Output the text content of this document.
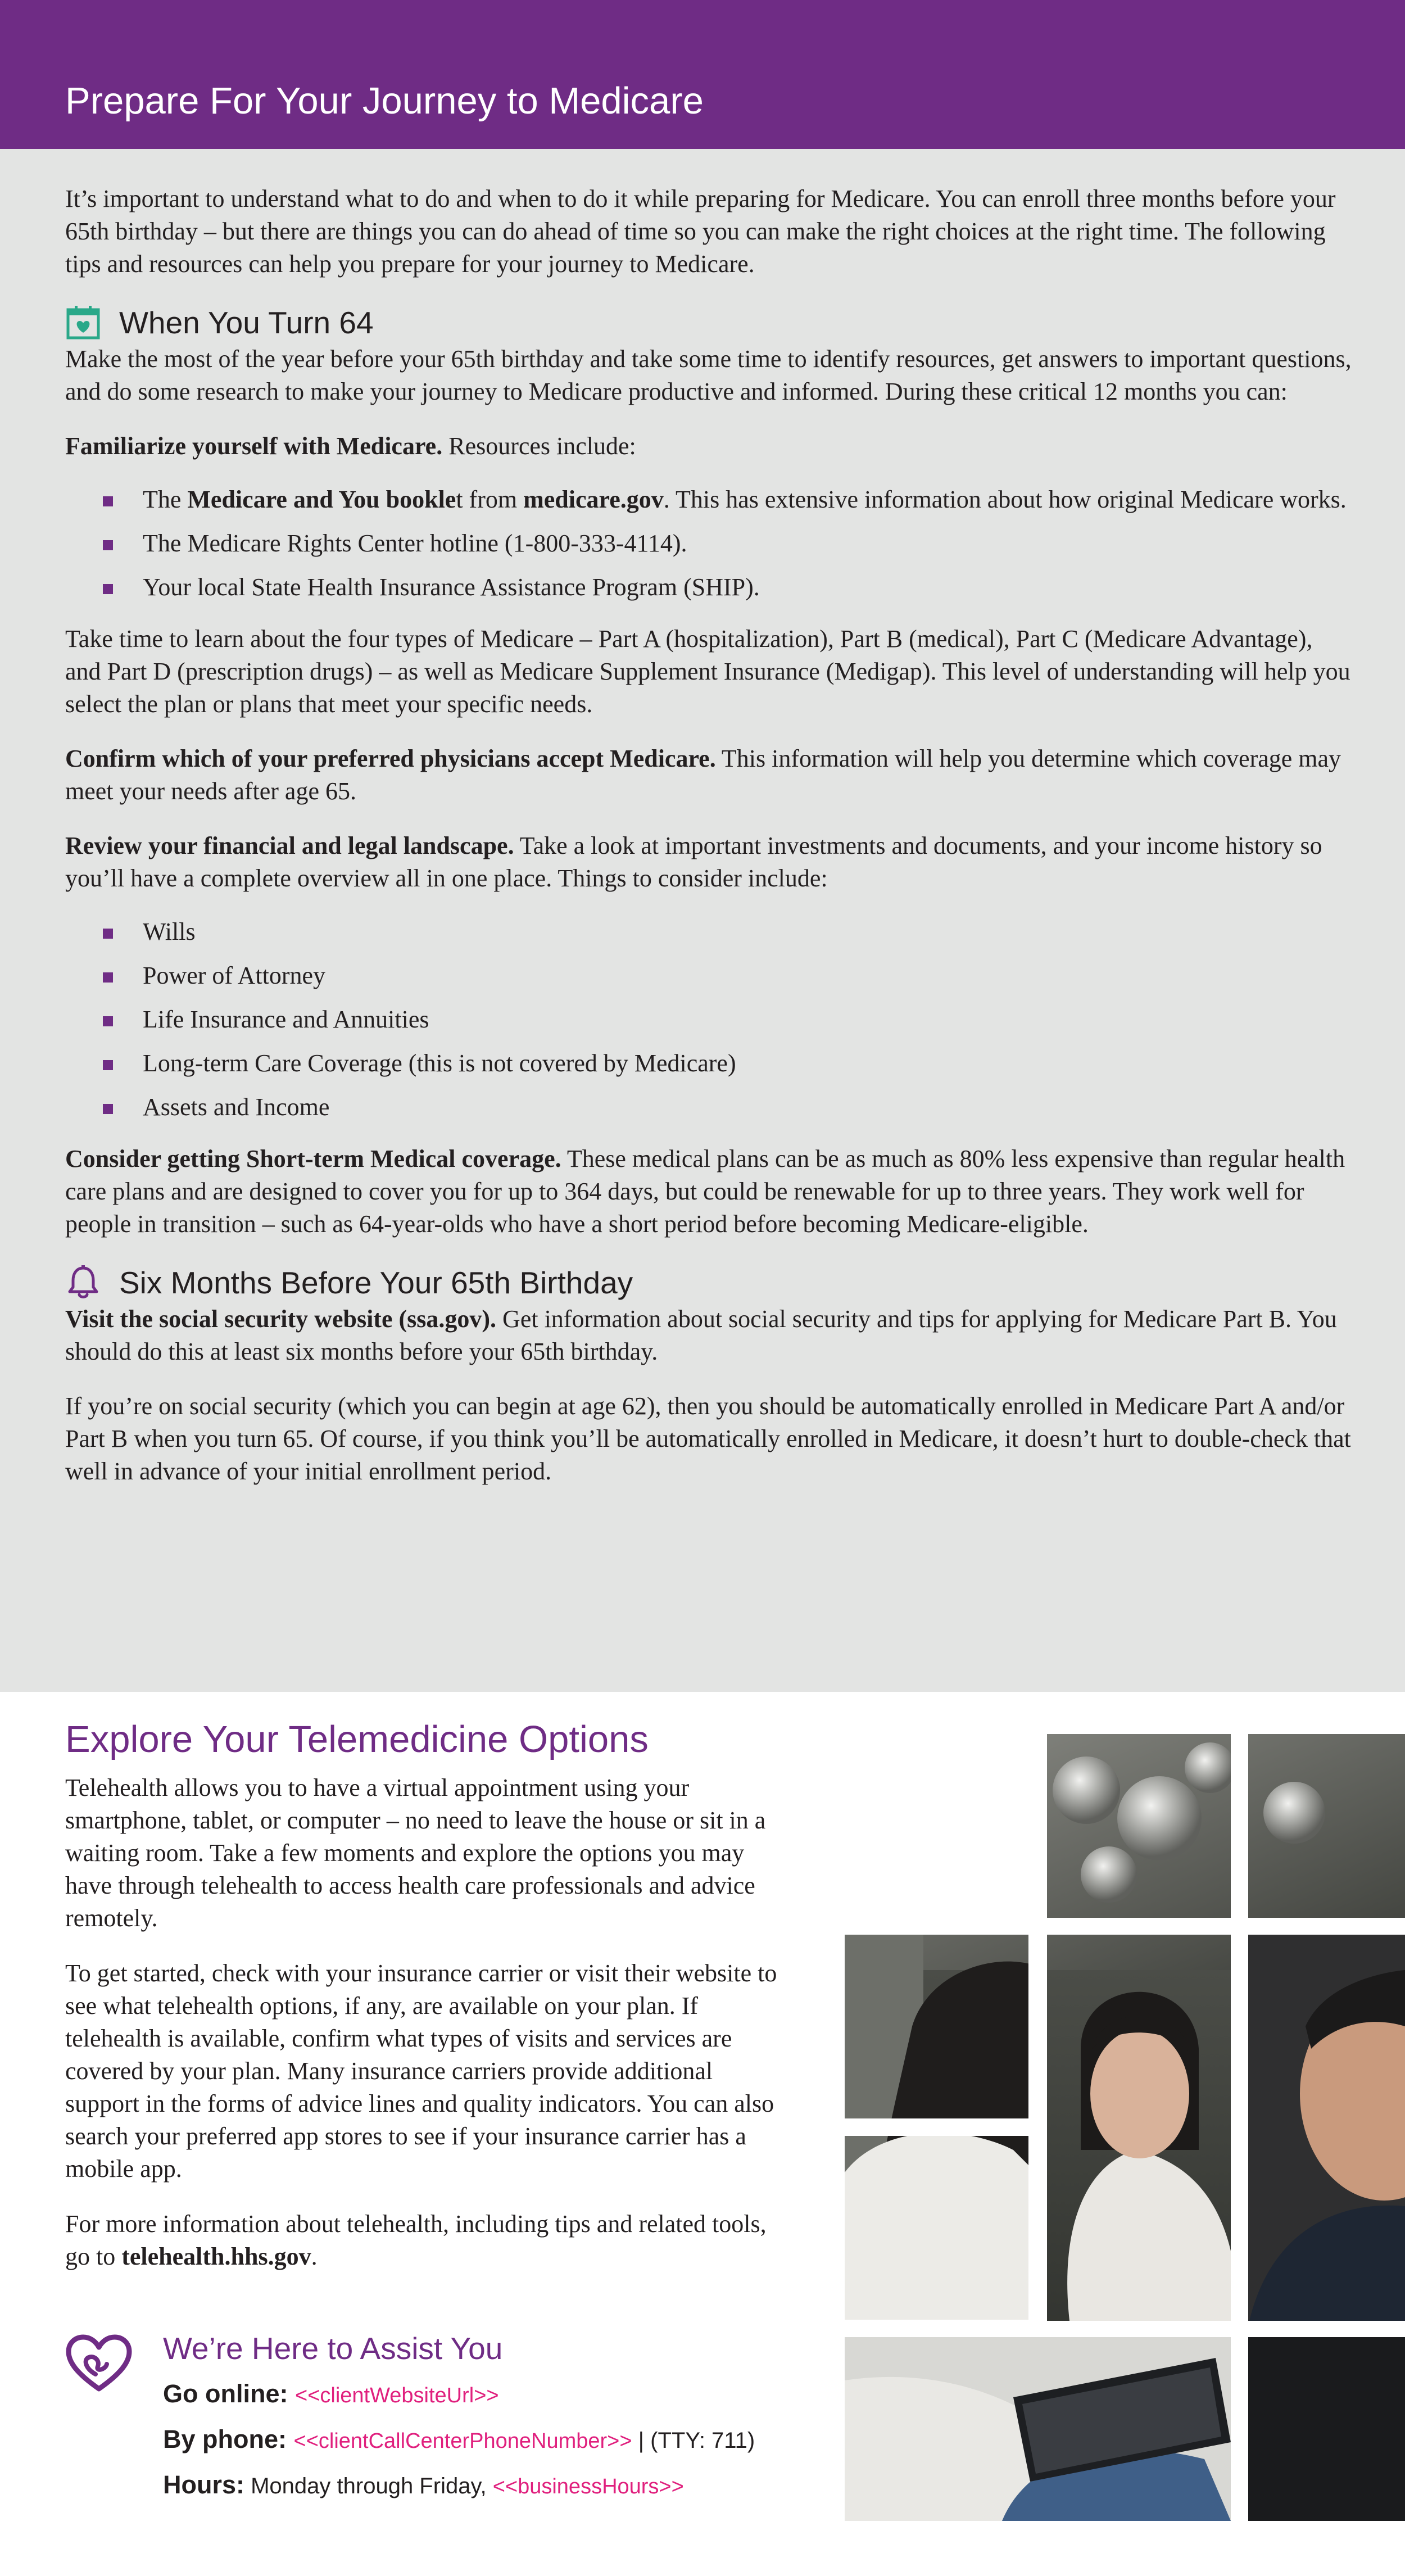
Prepare For Your Journey to Medicare

It’s important to understand what to do and when to do it while preparing for Medicare. You can enroll three months before your 65th birthday – but there are things you can do ahead of time so you can make the right choices at the right time. The following tips and resources can help you prepare for your journey to Medicare.

When You Turn 64

Make the most of the year before your 65th birthday and take some time to identify resources, get answers to important questions, and do some research to make your journey to Medicare productive and informed. During these critical 12 months you can:

Familiarize yourself with Medicare. Resources include:

The Medicare and You booklet from medicare.gov. This has extensive information about how original Medicare works.
The Medicare Rights Center hotline (1-800-333-4114).
Your local State Health Insurance Assistance Program (SHIP).

Take time to learn about the four types of Medicare – Part A (hospitalization), Part B (medical), Part C (Medicare Advantage), and Part D (prescription drugs) – as well as Medicare Supplement Insurance (Medigap). This level of understanding will help you select the plan or plans that meet your specific needs.

Confirm which of your preferred physicians accept Medicare. This information will help you determine which coverage may meet your needs after age 65.

Review your financial and legal landscape. Take a look at important investments and documents, and your income history so you’ll have a complete overview all in one place. Things to consider include:

Wills
Power of Attorney
Life Insurance and Annuities
Long-term Care Coverage (this is not covered by Medicare)
Assets and Income

Consider getting Short-term Medical coverage. These medical plans can be as much as 80% less expensive than regular health care plans and are designed to cover you for up to 364 days, but could be renewable for up to three years. They work well for people in transition – such as 64-year-olds who have a short period before becoming Medicare-eligible.

Six Months Before Your 65th Birthday

Visit the social security website (ssa.gov). Get information about social security and tips for applying for Medicare Part B. You should do this at least six months before your 65th birthday.

If you’re on social security (which you can begin at age 62), then you should be automatically enrolled in Medicare Part A and/or Part B when you turn 65. Of course, if you think you’ll be automatically enrolled in Medicare, it doesn’t hurt to double-check that well in advance of your initial enrollment period.

Explore Your Telemedicine Options

Telehealth allows you to have a virtual appointment using your smartphone, tablet, or computer – no need to leave the house or sit in a waiting room. Take a few moments and explore the options you may have through telehealth to access health care professionals and advice remotely.

To get started, check with your insurance carrier or visit their website to see what telehealth options, if any, are available on your plan. If telehealth is available, confirm what types of visits and services are covered by your plan. Many insurance carriers provide additional support in the forms of advice lines and quality indicators. You can also search your preferred app stores to see if your insurance carrier has a mobile app.

For more information about telehealth, including tips and related tools, go to telehealth.hhs.gov.

We’re Here to Assist You
Go online: <<clientWebsiteUrl>>
By phone: <<clientCallCenterPhoneNumber>> | (TTY: 711)
Hours: Monday through Friday, <<businessHours>>
